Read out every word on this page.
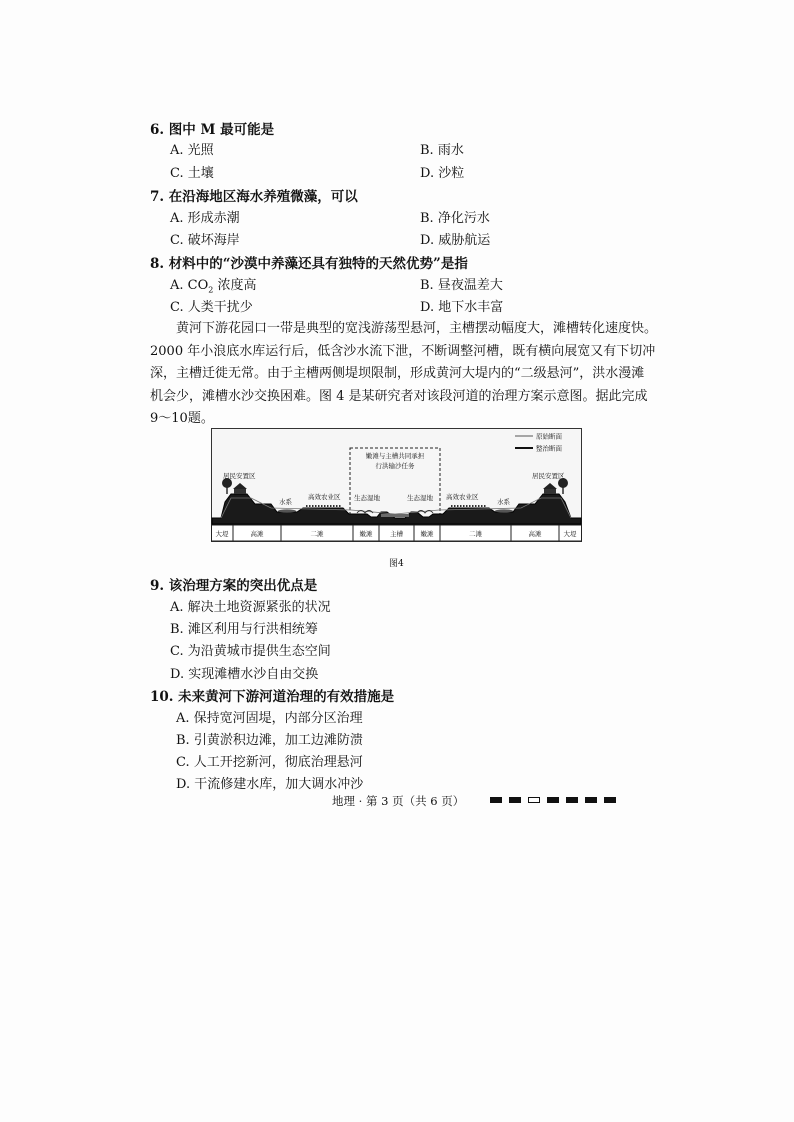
6. 图中 M 最可能是
A. 光照	B. 雨水
C. 土壤	D. 沙粒
7. 在沿海地区海水养殖微藻，可以
A. 形成赤潮	B. 净化污水
C. 破坏海岸	D. 威胁航运
8. 材料中的“沙漠中养藻还具有独特的天然优势”是指
A. $CO_2$ 浓度高	B. 昼夜温差大
C. 人类干扰少	D. 地下水丰富
黄河下游花园口一带是典型的宽浅游荡型悬河，主槽摆动幅度大，滩槽转化速度快。
2000 年小浪底水库运行后，低含沙水流下泄，不断调整河槽，既有横向展宽又有下切冲
深，主槽迁徙无常。由于主槽两侧堤坝限制，形成黄河大堤内的“二级悬河”，洪水漫滩
机会少，滩槽水沙交换困难。图 4 是某研究者对该段河道的治理方案示意图。据此完成
9～10题。
原始断面
整治断面
嫩滩与主槽共同承担
行洪输沙任务
居民安置区	居民安置区
水系	水系
高效农业区	高效农业区
生态湿地	生态湿地
大堤	高滩	二滩	嫩滩	主槽	嫩滩	二滩	高滩	大堤
图4
9. 该治理方案的突出优点是
A. 解决土地资源紧张的状况
B. 滩区利用与行洪相统筹
C. 为沿黄城市提供生态空间
D. 实现滩槽水沙自由交换
10. 未来黄河下游河道治理的有效措施是
A. 保持宽河固堤，内部分区治理
B. 引黄淤积边滩，加工边滩防溃
C. 人工开挖新河，彻底治理悬河
D. 干流修建水库，加大调水冲沙
地理 · 第 3 页（共 6 页）
